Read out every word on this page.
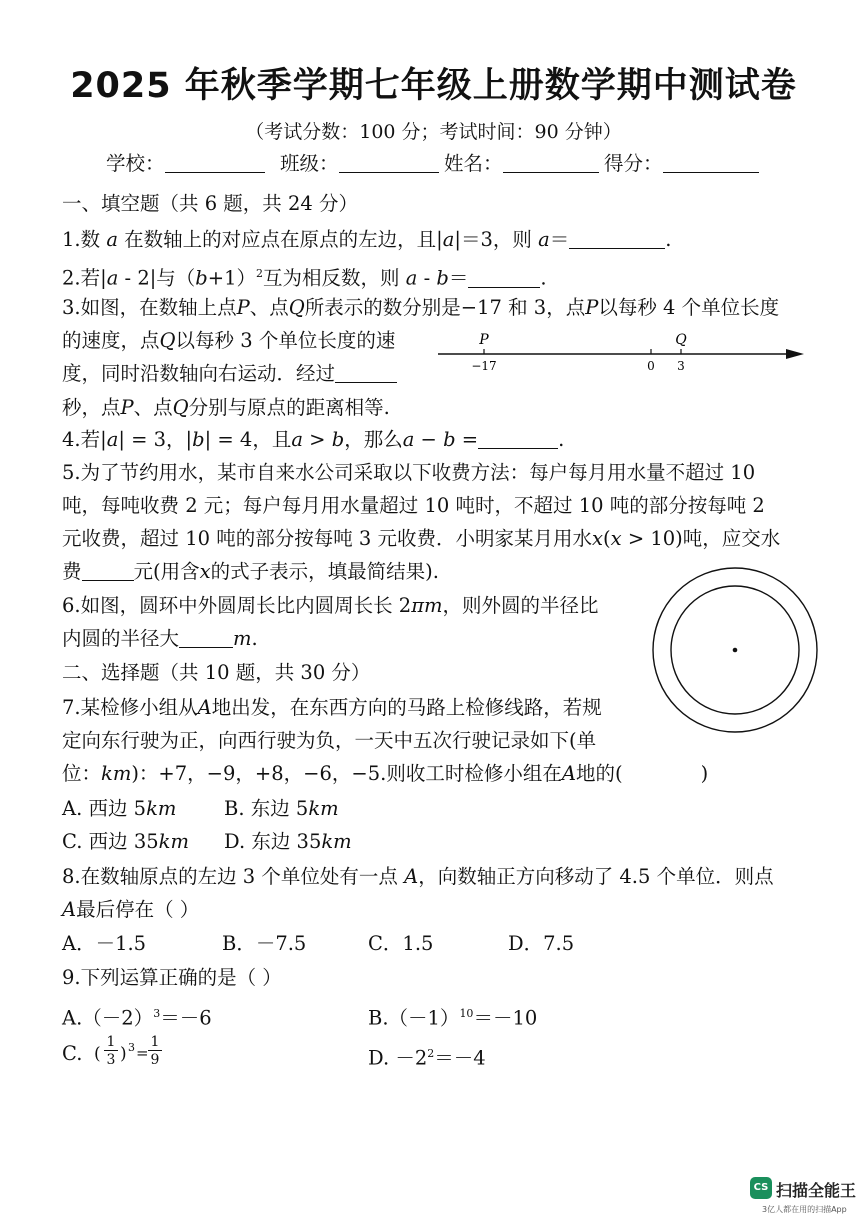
2025 年秋季学期七年级上册数学期中测试卷
（考试分数：100 分；考试时间：90 分钟）
学校：	班级：	姓名：	得分：
一、填空题（共 6 题，共 24 分）
1.数 a 在数轴上的对应点在原点的左边，且|a|＝3，则 a＝	.
2.若|a - 2|与$(b+1)^2$互为相反数，则 a - b＝	.
3.如图，在数轴上点P、点Q所表示的数分别是−17 和 3，点P以每秒 4 个单位长度
的速度，点Q以每秒 3 个单位长度的速
度，同时沿数轴向右运动．经过
秒，点P、点Q分别与原点的距离相等.
P	Q
−17	0 3
4.若|a| = 3，|b| = 4，且a > b，那么a − b =	.
5.为了节约用水，某市自来水公司采取以下收费方法：每户每月用水量不超过 10
吨，每吨收费 2 元；每户每月用水量超过 10 吨时，不超过 10 吨的部分按每吨 2
元收费，超过 10 吨的部分按每吨 3 元收费．小明家某月用水x(x > 10)吨，应交水
费	元(用含x的式子表示，填最简结果).
6.如图，圆环中外圆周长比内圆周长长 2πm，则外圆的半径比
内圆的半径大	m.
二、选择题（共 10 题，共 30 分）
7.某检修小组从A地出发，在东西方向的马路上检修线路，若规
定向东行驶为正，向西行驶为负，一天中五次行驶记录如下(单
位：km)：+7，−9，+8，−6，−5.则收工时检修小组在A地的(	)
A. 西边 5km B. 东边 5km
C. 西边 35km D. 东边 35km
8.在数轴原点的左边 3 个单位处有一点 A，向数轴正方向移动了 4.5 个单位．则点
A最后停在（ ）
A．－1.5	B．－7.5	C．1.5	D．7.5
9.下列运算正确的是（ ）
$A.(-2)^3=-6$	$B.(-1)^{10}=-10$
C. (
1
3 ) 3 =
1
9	D. $-2^2=-4$
CS 扫描全能王
3亿人都在用的扫描App
